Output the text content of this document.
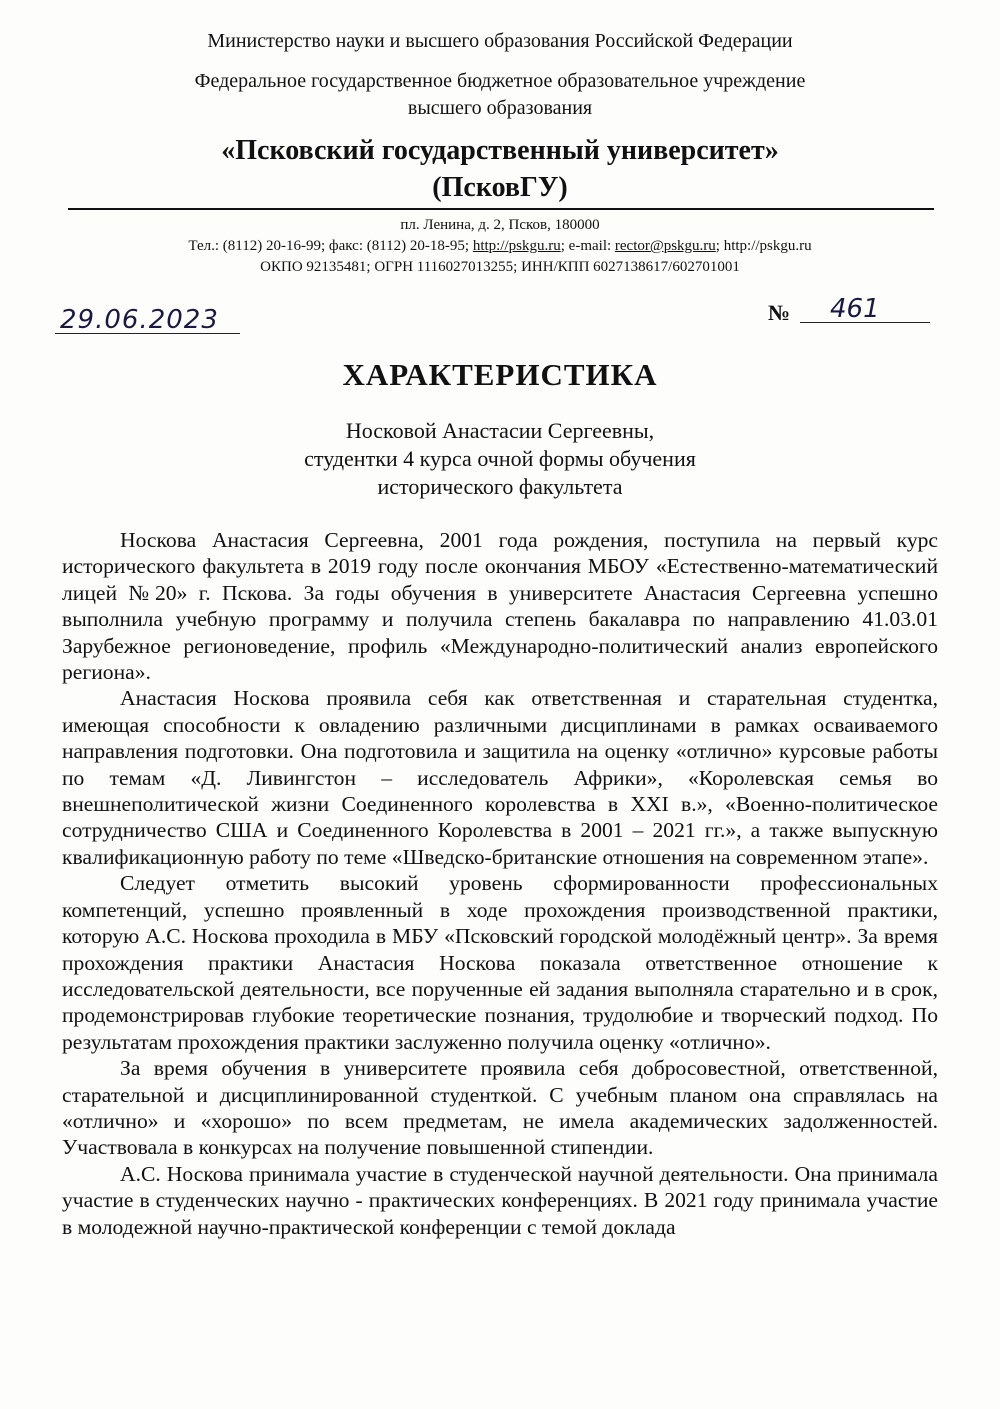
Министерство науки и высшего образования Российской Федерации
Федеральное государственное бюджетное образовательное учреждение
высшего образования
«Псковский государственный университет»
(ПсковГУ)
пл. Ленина, д. 2, Псков, 180000
Тел.: (8112) 20-16-99; факс: (8112) 20-18-95; http://pskgu.ru; e-mail: rector@pskgu.ru; http://pskgu.ru
ОКПО 92135481; ОГРН 1116027013255; ИНН/КПП 6027138617/602701001
29.06.2023	№ 461
ХАРАКТЕРИСТИКА
Носковой Анастасии Сергеевны,
студентки 4 курса очной формы обучения
исторического факультета

Носкова Анастасия Сергеевна, 2001 года рождения, поступила на первый курс исторического факультета в 2019 году после окончания МБОУ «Естественно-математический лицей №20» г. Пскова. За годы обучения в университете Анастасия Сергеевна успешно выполнила учебную программу и получила степень бакалавра по направлению 41.03.01 Зарубежное регионоведение, профиль «Международно-политический анализ европейского региона».

Анастасия Носкова проявила себя как ответственная и старательная студентка, имеющая способности к овладению различными дисциплинами в рамках осваиваемого направления подготовки. Она подготовила и защитила на оценку «отлично» курсовые работы по темам «Д. Ливингстон – исследователь Африки», «Королевская семья во внешнеполитической жизни Соединенного королевства в XXI в.», «Военно-политическое сотрудничество США и Соединенного Королевства в 2001 – 2021 гг.», а также выпускную квалификационную работу по теме «Шведско-британские отношения на современном этапе».

Следует отметить высокий уровень сформированности профессиональных компетенций, успешно проявленный в ходе прохождения производственной практики, которую А.С. Носкова проходила в МБУ «Псковский городской молодёжный центр». За время прохождения практики Анастасия Носкова показала ответственное отношение к исследовательской деятельности, все порученные ей задания выполняла старательно и в срок, продемонстрировав глубокие теоретические познания, трудолюбие и творческий подход. По результатам прохождения практики заслуженно получила оценку «отлично».

За время обучения в университете проявила себя добросовестной, ответственной, старательной и дисциплинированной студенткой. С учебным планом она справлялась на «отлично» и «хорошо» по всем предметам, не имела академических задолженностей. Участвовала в конкурсах на получение повышенной стипендии.

А.С. Носкова принимала участие в студенческой научной деятельности. Она принимала участие в студенческих научно - практических конференциях. В 2021 году принимала участие в молодежной научно-практической конференции с темой доклада
